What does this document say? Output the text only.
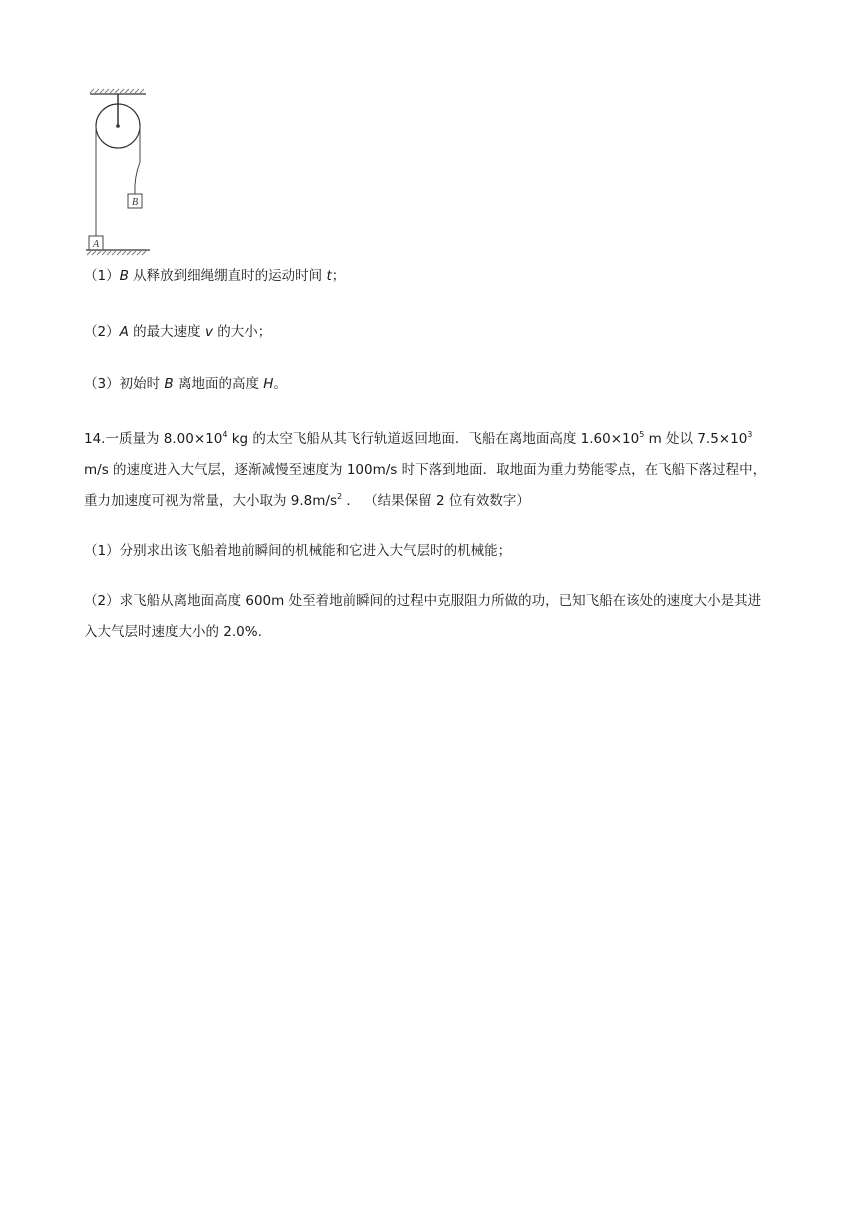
B
A
（1）B 从释放到细绳绷直时的运动时间 t；
（2）A 的最大速度 v 的大小；
（3）初始时 B 离地面的高度 H。
14.一质量为 $8.00\times 10^4$ kg 的太空飞船从其飞行轨道返回地面．飞船在离地面高度 $1.60\times 10^5$ m 处以 $7.5\times 10^3$ m/s 的速度进入大气层，逐渐减慢至速度为 100m/s 时下落到地面．取地面为重力势能零点，在飞船下落过程中，重力加速度可视为常量，大小取为 $9.8m/s^2$ ． （结果保留 2 位有效数字）
（1）分别求出该飞船着地前瞬间的机械能和它进入大气层时的机械能；
（2）求飞船从离地面高度 600m 处至着地前瞬间的过程中克服阻力所做的功，已知飞船在该处的速度大小是其进入大气层时速度大小的 2.0%.
